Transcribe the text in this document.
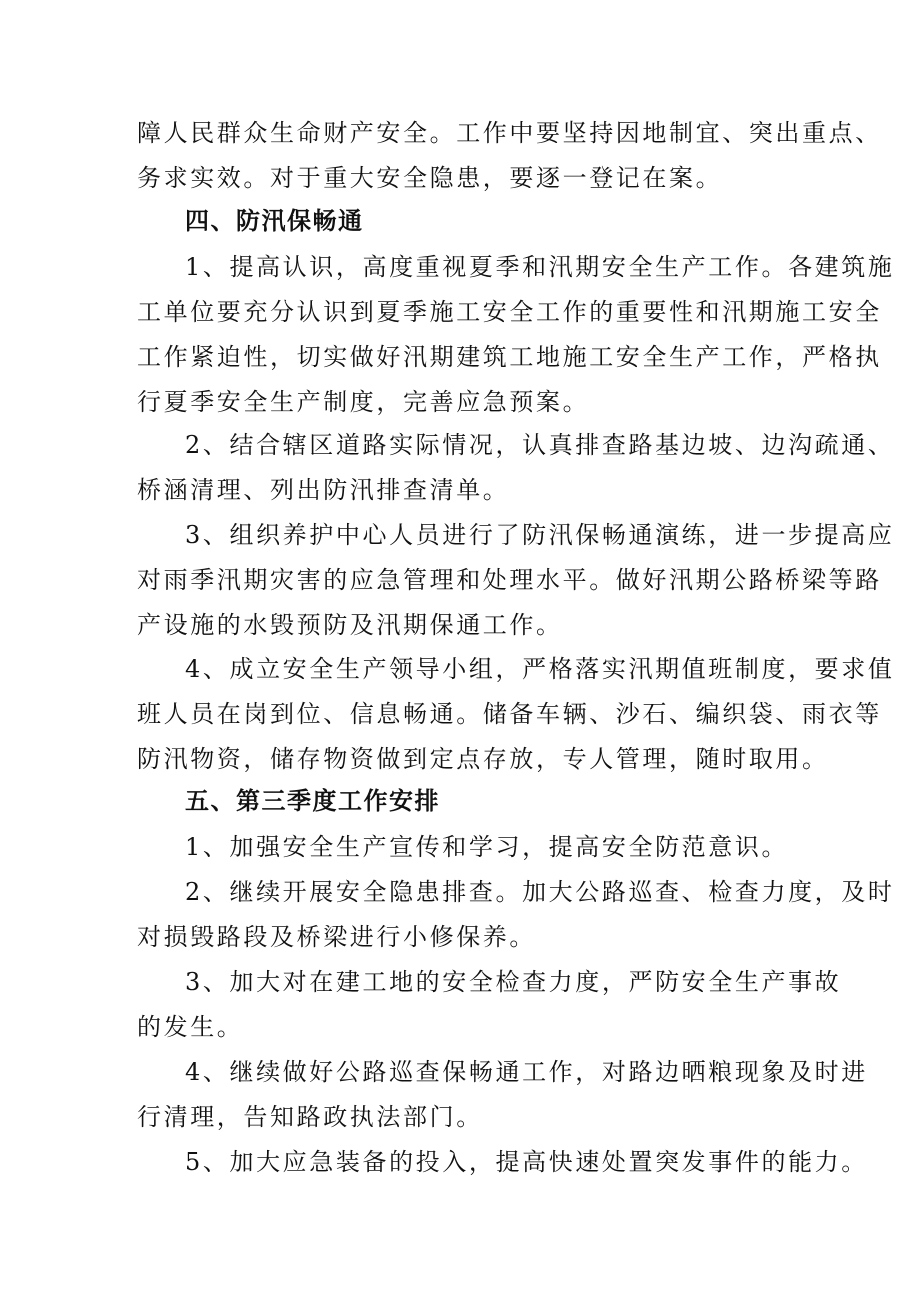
障人民群众生命财产安全。工作中要坚持因地制宜、突出重点、
务求实效。对于重大安全隐患，要逐一登记在案。
四、防汛保畅通
1、提高认识，高度重视夏季和汛期安全生产工作。各建筑施
工单位要充分认识到夏季施工安全工作的重要性和汛期施工安全
工作紧迫性，切实做好汛期建筑工地施工安全生产工作，严格执
行夏季安全生产制度，完善应急预案。
2、结合辖区道路实际情况，认真排查路基边坡、边沟疏通、
桥涵清理、列出防汛排查清单。
3、组织养护中心人员进行了防汛保畅通演练，进一步提高应
对雨季汛期灾害的应急管理和处理水平。做好汛期公路桥梁等路
产设施的水毁预防及汛期保通工作。
4、成立安全生产领导小组，严格落实汛期值班制度，要求值
班人员在岗到位、信息畅通。储备车辆、沙石、编织袋、雨衣等
防汛物资，储存物资做到定点存放，专人管理，随时取用。
五、第三季度工作安排
1、加强安全生产宣传和学习，提高安全防范意识。
2、继续开展安全隐患排查。加大公路巡查、检查力度，及时
对损毁路段及桥梁进行小修保养。
3、加大对在建工地的安全检查力度，严防安全生产事故
的发生。
4、继续做好公路巡查保畅通工作，对路边晒粮现象及时进
行清理，告知路政执法部门。
5、加大应急装备的投入，提高快速处置突发事件的能力。
